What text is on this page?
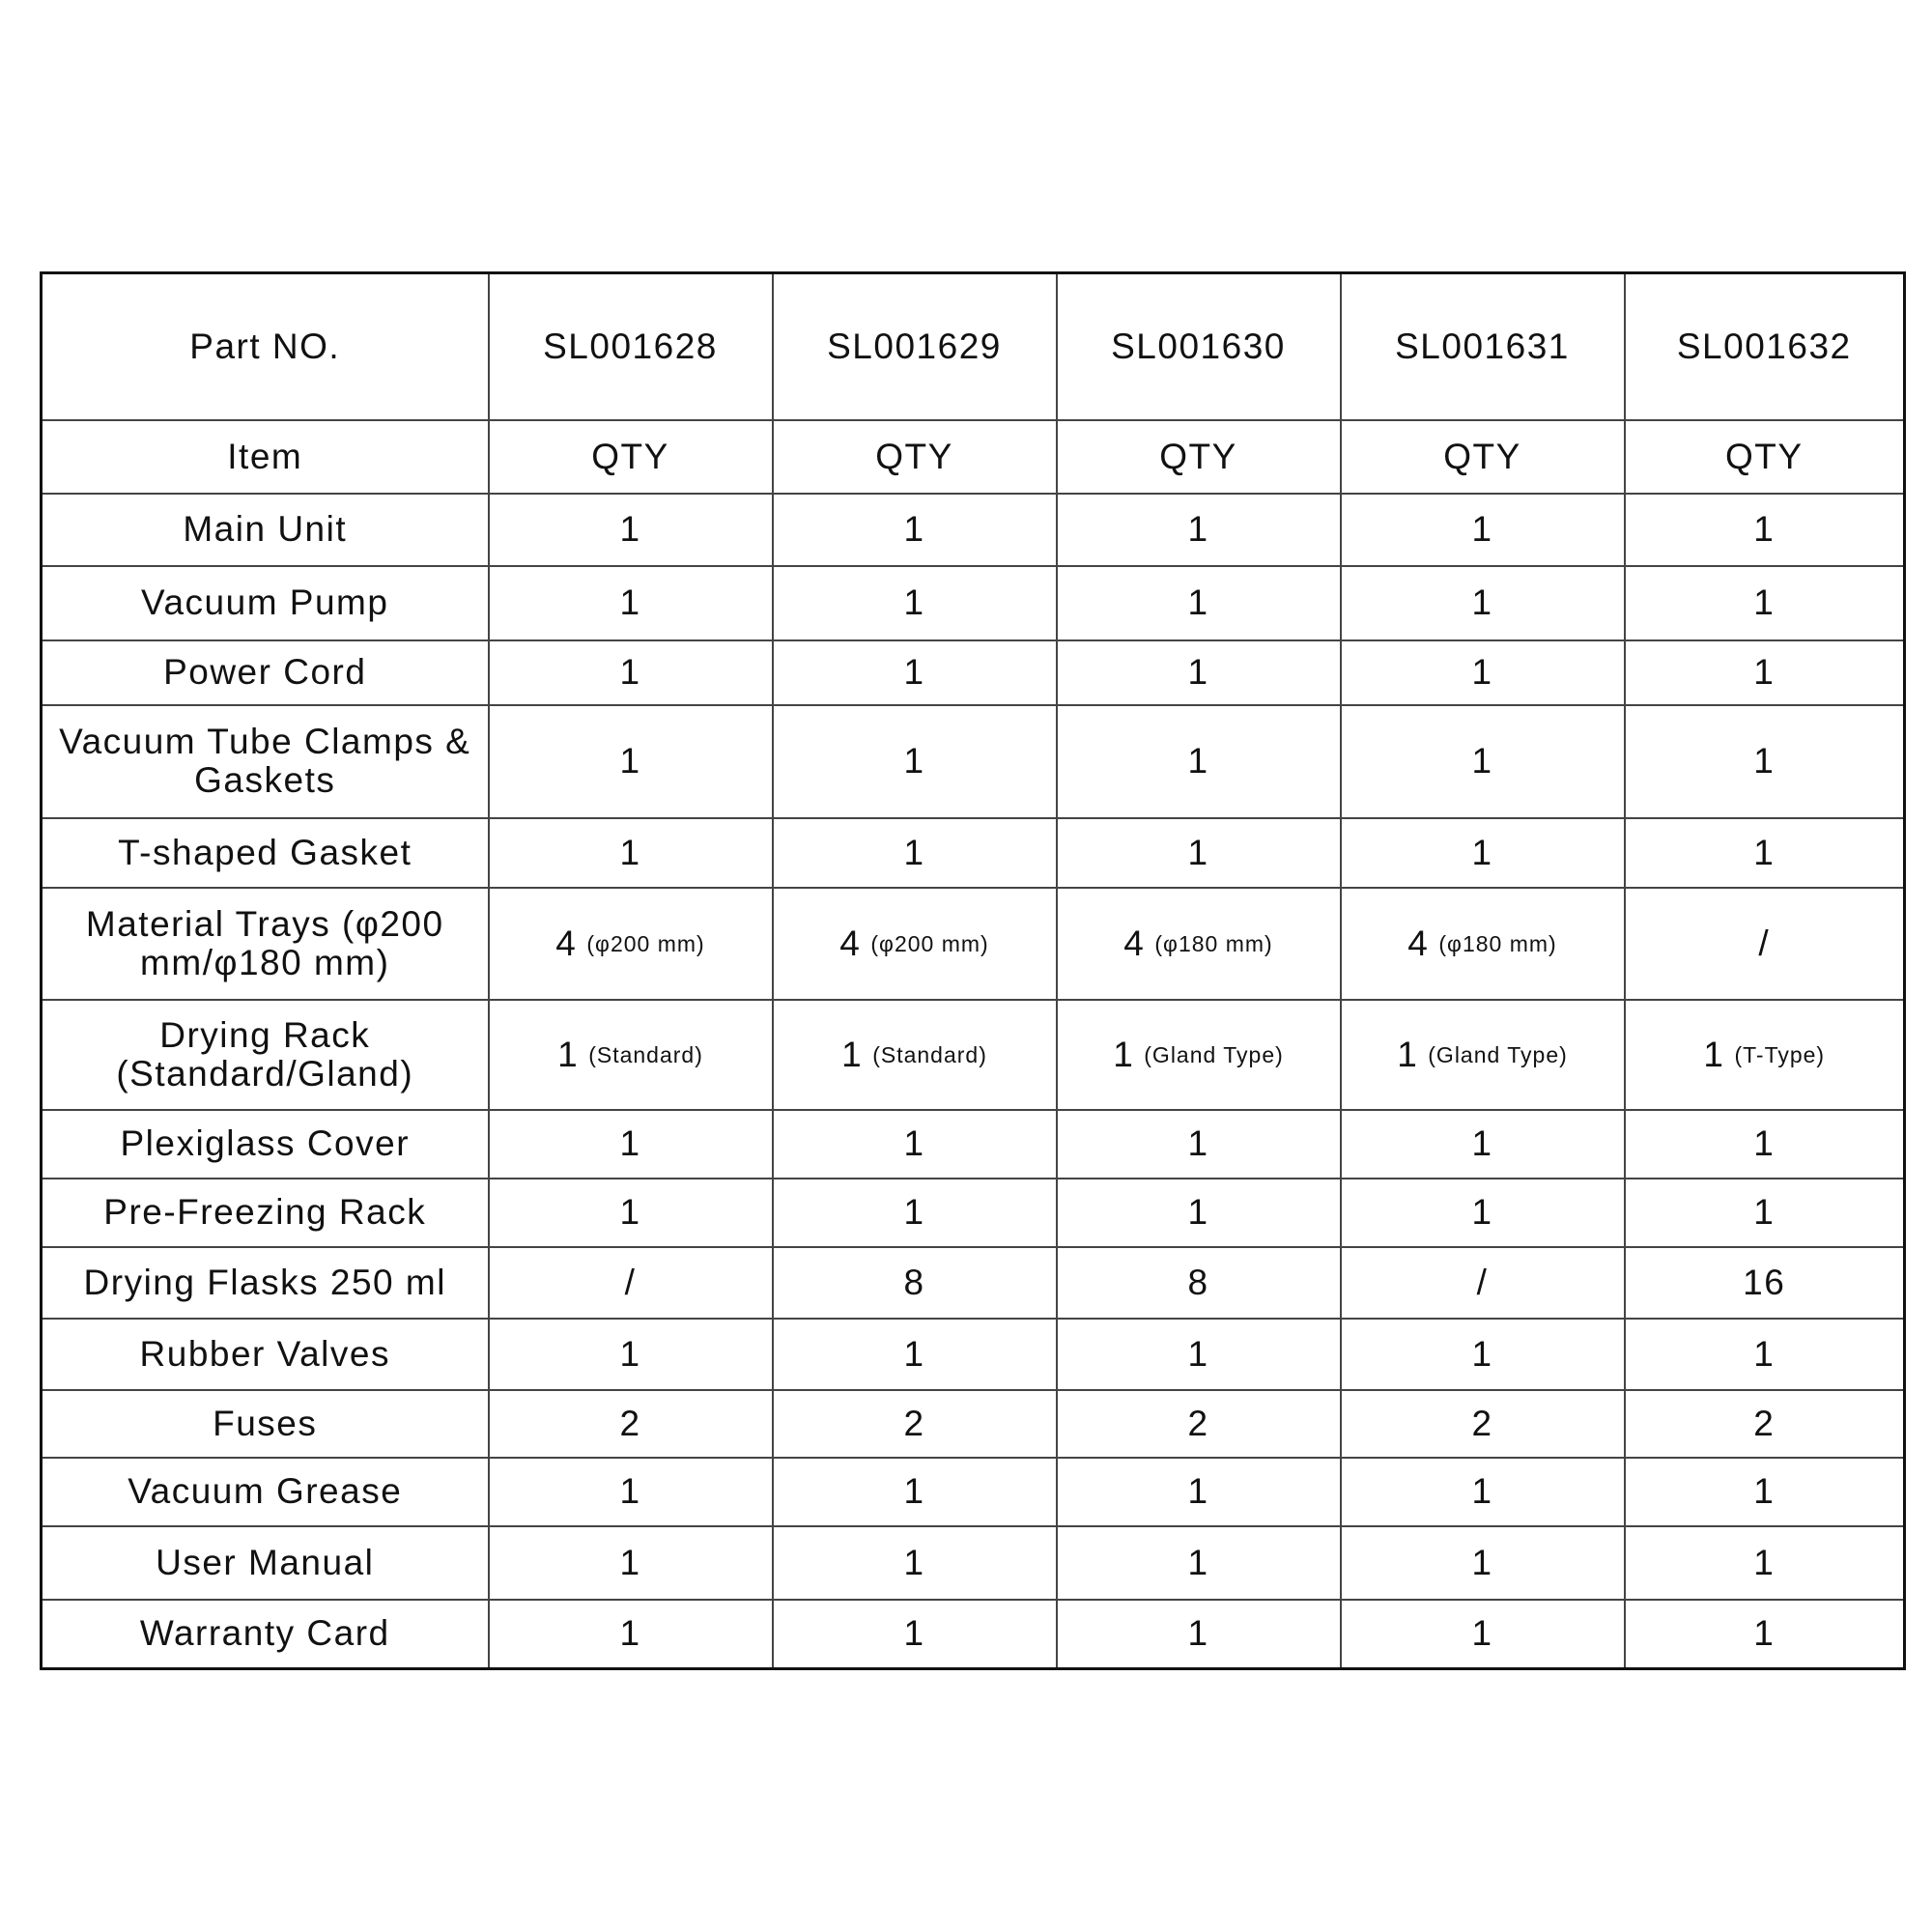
Part NO.	SL001628	SL001629	SL001630	SL001631	SL001632
Item	QTY	QTY	QTY	QTY	QTY
Main Unit	1	1	1	1	1
Vacuum Pump	1	1	1	1	1
Power Cord	1	1	1	1	1
Vacuum Tube Clamps & Gaskets	1	1	1	1	1
T-shaped Gasket	1	1	1	1	1
Material Trays (φ200 mm/φ180 mm)	4 (φ200 mm)	4 (φ200 mm)	4 (φ180 mm)	4 (φ180 mm)	/
Drying Rack (Standard/Gland)	1 (Standard)	1 (Standard)	1 (Gland Type)	1 (Gland Type)	1 (T-Type)
Plexiglass Cover	1	1	1	1	1
Pre-Freezing Rack	1	1	1	1	1
Drying Flasks 250 ml	/	8	8	/	16
Rubber Valves	1	1	1	1	1
Fuses	2	2	2	2	2
Vacuum Grease	1	1	1	1	1
User Manual	1	1	1	1	1
Warranty Card	1	1	1	1	1
